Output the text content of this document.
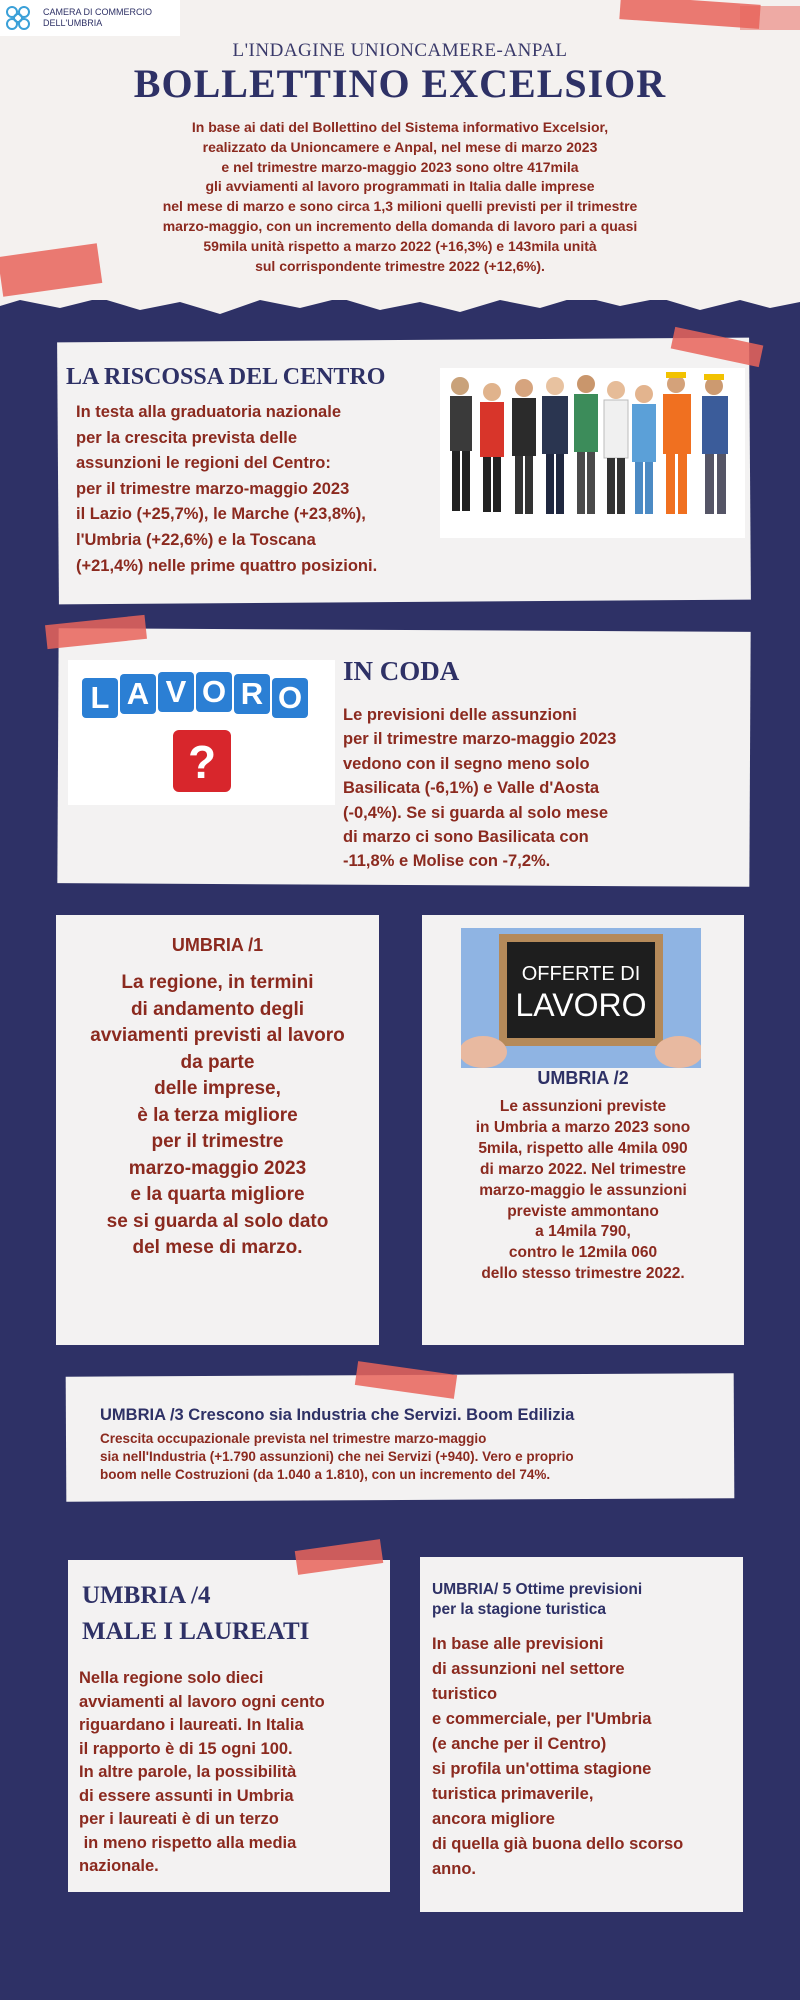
CAMERA DI COMMERCIO
DELL'UMBRIA
L'INDAGINE UNIONCAMERE-ANPAL
BOLLETTINO EXCELSIOR
In base ai dati del Bollettino del Sistema informativo Excelsior,
realizzato da Unioncamere e Anpal, nel mese di marzo 2023
e nel trimestre marzo-maggio 2023 sono oltre 417mila
gli avviamenti al lavoro programmati in Italia dalle imprese
nel mese di marzo e sono circa 1,3 milioni quelli previsti per il trimestre
marzo-maggio, con un incremento della domanda di lavoro pari a quasi
59mila unità rispetto a marzo 2022 (+16,3%) e 143mila unità
sul corrispondente trimestre 2022 (+12,6%).
LA RISCOSSA DEL CENTRO
In testa alla graduatoria nazionale
per la crescita prevista delle
assunzioni le regioni del Centro:
per il trimestre marzo-maggio 2023
il Lazio (+25,7%), le Marche (+23,8%),
l'Umbria (+22,6%) e la Toscana
(+21,4%) nelle prime quattro posizioni.
L A V O R O
?
IN CODA
Le previsioni delle assunzioni
per il trimestre marzo-maggio 2023
vedono con il segno meno solo
Basilicata (-6,1%) e Valle d'Aosta
(-0,4%). Se si guarda al solo mese
di marzo ci sono Basilicata con
-11,8% e Molise con -7,2%.
UMBRIA /1
La regione, in termini
di andamento degli
avviamenti previsti al lavoro
da parte
delle imprese,
è la terza migliore
per il trimestre
marzo-maggio 2023
e la quarta migliore
se si guarda al solo dato
del mese di marzo.
OFFERTE DI
LAVORO
UMBRIA /2
Le assunzioni previste
in Umbria a marzo 2023 sono
5mila, rispetto alle 4mila 090
di marzo 2022. Nel trimestre
marzo-maggio le assunzioni
previste ammontano
a 14mila 790,
contro le 12mila 060
dello stesso trimestre 2022.
UMBRIA /3 Crescono sia Industria che Servizi. Boom Edilizia
Crescita occupazionale prevista nel trimestre marzo-maggio
sia nell'Industria (+1.790 assunzioni) che nei Servizi (+940). Vero e proprio
boom nelle Costruzioni (da 1.040 a 1.810), con un incremento del 74%.
UMBRIA /4
MALE I LAUREATI
Nella regione solo dieci
avviamenti al lavoro ogni cento
riguardano i laureati. In Italia
il rapporto è di 15 ogni 100.
In altre parole, la possibilità
di essere assunti in Umbria
per i laureati è di un terzo
in meno rispetto alla media
nazionale.
UMBRIA/ 5 Ottime previsioni
per la stagione turistica
In base alle previsioni
di assunzioni nel settore
turistico
e commerciale, per l'Umbria
(e anche per il Centro)
si profila un'ottima stagione
turistica primaverile,
ancora migliore
di quella già buona dello scorso
anno.
